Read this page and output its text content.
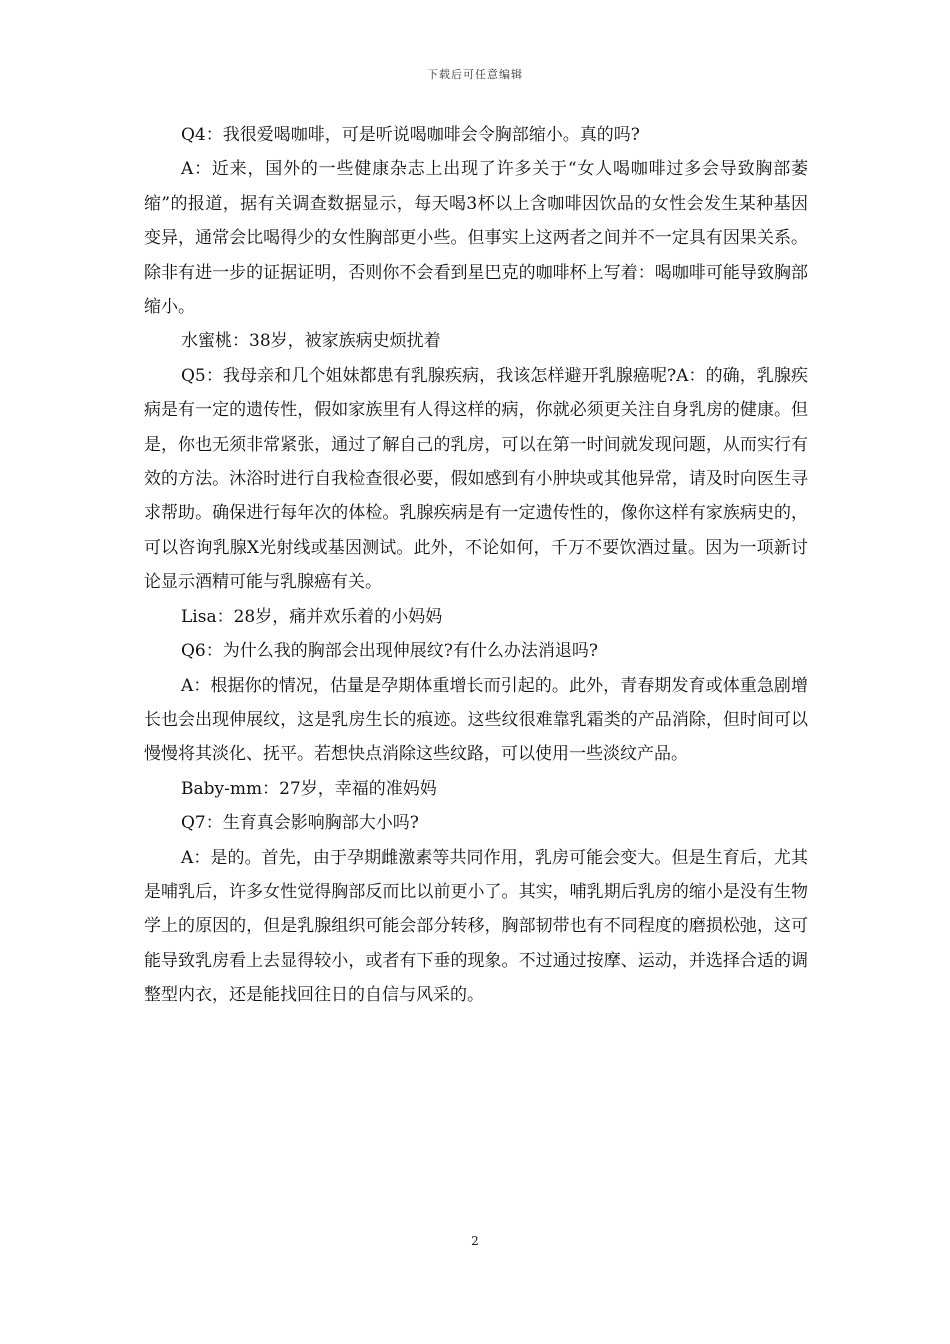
下载后可任意编辑

Q4：我很爱喝咖啡，可是听说喝咖啡会令胸部缩小。真的吗?

A：近来，国外的一些健康杂志上出现了许多关于“女人喝咖啡过多会导致胸部萎缩”的报道，据有关调查数据显示，每天喝3杯以上含咖啡因饮品的女性会发生某种基因变异，通常会比喝得少的女性胸部更小些。但事实上这两者之间并不一定具有因果关系。除非有进一步的证据证明，否则你不会看到星巴克的咖啡杯上写着：喝咖啡可能导致胸部缩小。

水蜜桃：38岁，被家族病史烦扰着

Q5：我母亲和几个姐妹都患有乳腺疾病，我该怎样避开乳腺癌呢?A：的确，乳腺疾病是有一定的遗传性，假如家族里有人得这样的病，你就必须更关注自身乳房的健康。但是，你也无须非常紧张，通过了解自己的乳房，可以在第一时间就发现问题，从而实行有效的方法。沐浴时进行自我检查很必要，假如感到有小肿块或其他异常，请及时向医生寻求帮助。确保进行每年次的体检。乳腺疾病是有一定遗传性的，像你这样有家族病史的，可以咨询乳腺X光射线或基因测试。此外，不论如何，千万不要饮酒过量。因为一项新讨论显示酒精可能与乳腺癌有关。

Lisa：28岁，痛并欢乐着的小妈妈

Q6：为什么我的胸部会出现伸展纹?有什么办法消退吗?

A：根据你的情况，估量是孕期体重增长而引起的。此外，青春期发育或体重急剧增长也会出现伸展纹，这是乳房生长的痕迹。这些纹很难靠乳霜类的产品消除，但时间可以慢慢将其淡化、抚平。若想快点消除这些纹路，可以使用一些淡纹产品。

Baby-mm：27岁，幸福的准妈妈

Q7：生育真会影响胸部大小吗?

A：是的。首先，由于孕期雌激素等共同作用，乳房可能会变大。但是生育后，尤其是哺乳后，许多女性觉得胸部反而比以前更小了。其实，哺乳期后乳房的缩小是没有生物学上的原因的，但是乳腺组织可能会部分转移，胸部韧带也有不同程度的磨损松弛，这可能导致乳房看上去显得较小，或者有下垂的现象。不过通过按摩、运动，并选择合适的调整型内衣，还是能找回往日的自信与风采的。

2
